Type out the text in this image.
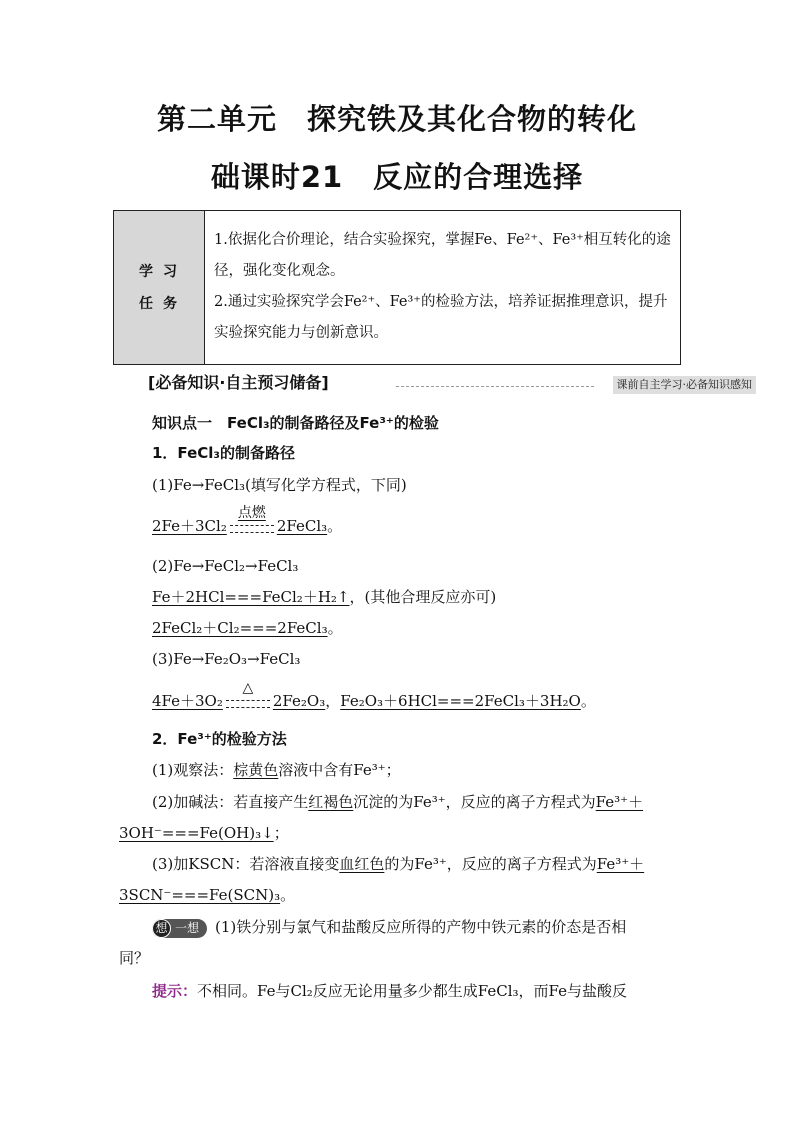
第二单元　探究铁及其化合物的转化
础课时21　反应的合理选择
学习
任务

1.依据化合价理论，结合实验探究，掌握Fe、Fe²⁺、Fe³⁺相互转化的途径，强化变化观念。

2.通过实验探究学会Fe²⁺、Fe³⁺的检验方法，培养证据推理意识，提升实验探究能力与创新意识。

[必备知识·自主预习储备]	课前自主学习·必备知识感知
知识点一　FeCl₃的制备路径及Fe³⁺的检验
1．FeCl₃的制备路径
(1)Fe→FeCl₃(填写化学方程式，下同)
2Fe＋3Cl₂
点燃
2FeCl₃。
(2)Fe→FeCl₂→FeCl₃
Fe＋2HCl===FeCl₂＋H₂↑，(其他合理反应亦可)
2FeCl₂＋Cl₂===2FeCl₃。
(3)Fe→Fe₂O₃→FeCl₃
4Fe＋3O₂
△
2Fe₂O₃，Fe₂O₃＋6HCl===2FeCl₃＋3H₂O。
2．Fe³⁺的检验方法
(1)观察法：棕黄色溶液中含有Fe³⁺；
(2)加碱法：若直接产生红褐色沉淀的为Fe³⁺，反应的离子方程式为Fe³⁺＋
3OH⁻===Fe(OH)₃↓；
(3)加KSCN：若溶液直接变血红色的为Fe³⁺，反应的离子方程式为Fe³⁺＋
3SCN⁻===Fe(SCN)₃。
想 一想 (1)铁分别与氯气和盐酸反应所得的产物中铁元素的价态是否相
同？
提示：不相同。Fe与Cl₂反应无论用量多少都生成FeCl₃，而Fe与盐酸反
